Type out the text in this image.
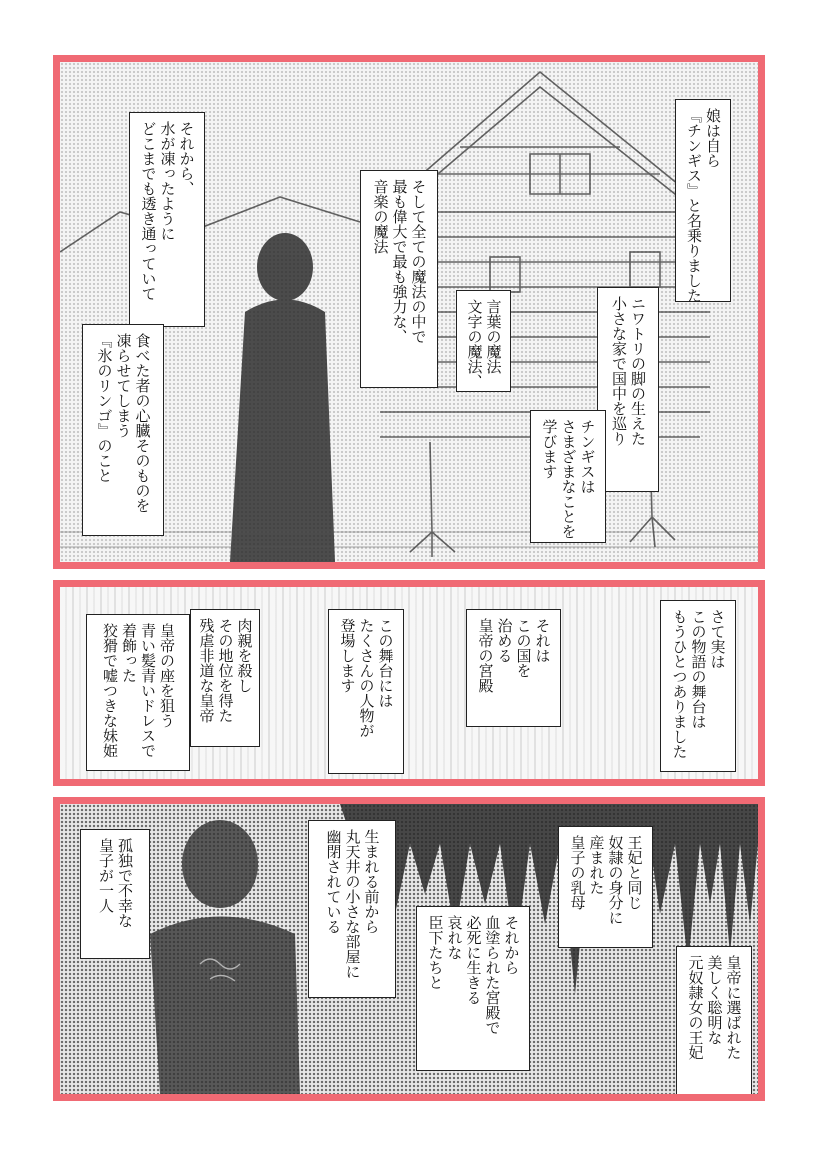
娘は自ら
『チンギス』と名乗りました
ニワトリの脚の生えた
小さな家で国中を巡り
チンギスは
さまざまなことを
学びます
言葉の魔法
文字の魔法、
そして全ての魔法の中で
最も偉大で最も強力な、
音楽の魔法
それから、
水が凍ったように
どこまでも透き通っていて
食べた者の心臓そのものを
凍らせてしまう
『氷のリンゴ』のこと
さて実は
この物語の舞台は
もうひとつありました
それは
この国を
治める
皇帝の宮殿
この舞台には
たくさんの人物が
登場します
肉親を殺し
その地位を得た
残虐非道な皇帝
皇帝の座を狙う
青い髪青いドレスで
着飾った
狡猾で嘘つきな妹姫
皇帝に選ばれた
美しく聡明な
元奴隷女の王妃
王妃と同じ
奴隷の身分に
産まれた
皇子の乳母
それから
血塗られた宮殿で
必死に生きる
哀れな
臣下たちと
生まれる前から
丸天井の小さな部屋に
幽閉されている
孤独で不幸な
皇子が一人
